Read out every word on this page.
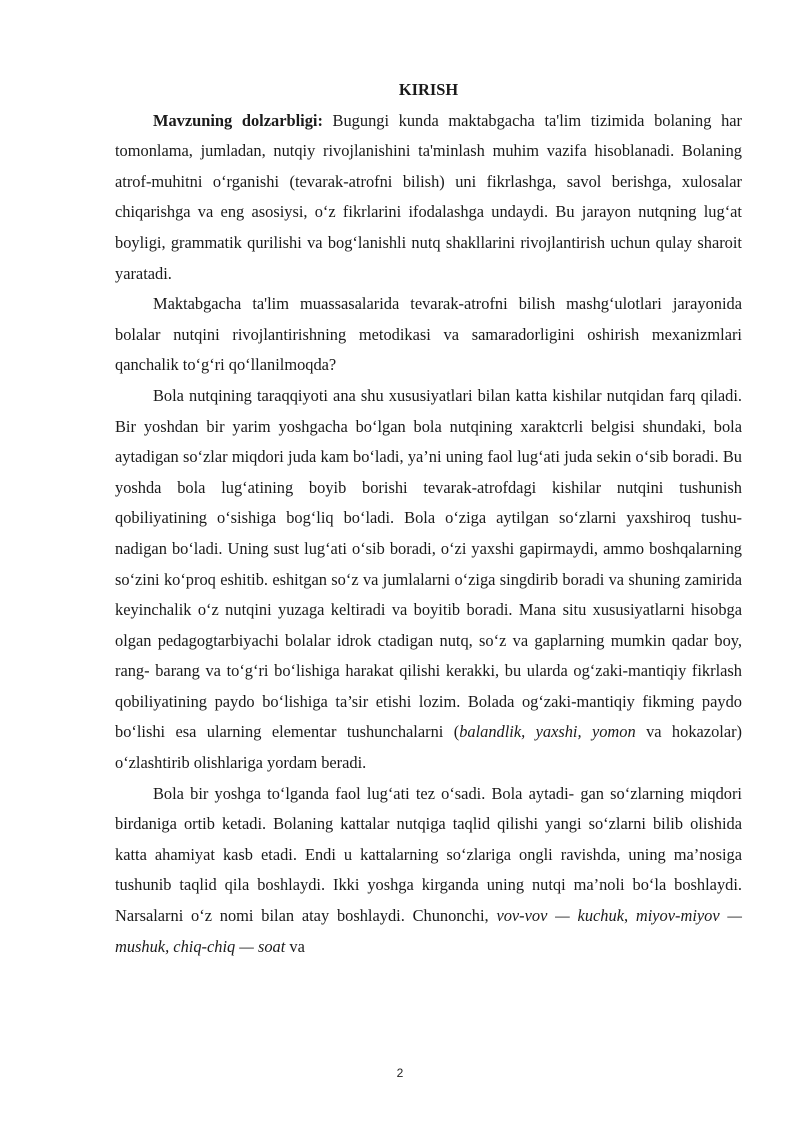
KIRISH

Mavzuning dolzarbligi: Bugungi kunda maktabgacha ta'lim tizimida bolaning har tomonlama, jumladan, nutqiy rivojlanishini ta'minlash muhim vazifa hisoblanadi. Bolaning atrof-muhitni oʻrganishi (tevarak-atrofni bilish) uni fikrlashga, savol berishga, xulosalar chiqarishga va eng asosiysi, oʻz fikrlarini ifodalashga undaydi. Bu jarayon nutqning lugʻat boyligi, grammatik qurilishi va bogʻlanishli nutq shakllarini rivojlantirish uchun qulay sharoit yaratadi.

Maktabgacha ta'lim muassasalarida tevarak-atrofni bilish mashgʻulotlari jarayonida bolalar nutqini rivojlantirishning metodikasi va samaradorligini oshirish mexanizmlari qanchalik toʻgʻri qoʻllanilmoqda?

Bola nutqining taraqqiyoti ana shu xususiyatlari bilan katta kishilar nutqidan farq qiladi. Bir yoshdan bir yarim yoshgacha boʻlgan bola nutqining xaraktcrli belgisi shundaki, bola aytadigan soʻzlar miqdori juda kam boʻladi, ya’ni uning faol lugʻati juda sekin oʻsib boradi. Bu yoshda bola lugʻatining boyib borishi tevarak-atrofdagi kishilar nutqini tushunish qobiliyatining oʻsishiga bogʻliq boʻladi. Bola oʻziga aytilgan soʻzlarni yaxshiroq tushu- nadigan boʻladi. Uning sust lugʻati oʻsib boradi, oʻzi yaxshi gapirmaydi, ammo boshqalarning soʻzini koʻproq eshitib. eshitgan soʻz va jumlalarni oʻziga singdirib boradi va shuning zamirida keyinchalik oʻz nutqini yuzaga keltiradi va boyitib boradi. Mana situ xususiyatlarni hisobga olgan pedagogtarbiyachi bolalar idrok ctadigan nutq, soʻz va gaplarning mumkin qadar boy, rang- barang va toʻgʻri boʻlishiga harakat qilishi kerakki, bu ularda ogʻzaki-mantiqiy fikrlash qobiliyatining paydo boʻlishiga ta’sir etishi lozim. Bolada ogʻzaki-mantiqiy fikming paydo boʻlishi esa ularning elementar tushunchalarni (balandlik, yaxshi, yomon va hokazolar) oʻzlashtirib olishlariga yordam beradi.

Bola bir yoshga toʻlganda faol lugʻati tez oʻsadi. Bola aytadi- gan soʻzlarning miqdori birdaniga ortib ketadi. Bolaning kattalar nutqiga taqlid qilishi yangi soʻzlarni bilib olishida katta ahamiyat kasb etadi. Endi u kattalarning soʻzlariga ongli ravishda, uning ma’nosiga tushunib taqlid qila boshlaydi. Ikki yoshga kirganda uning nutqi ma’noli boʻla boshlaydi. Narsalarni oʻz nomi bilan atay boshlaydi. Chunonchi, vov-vov — kuchuk, miyov-miyov — mushuk, chiq-chiq — soat va

2
